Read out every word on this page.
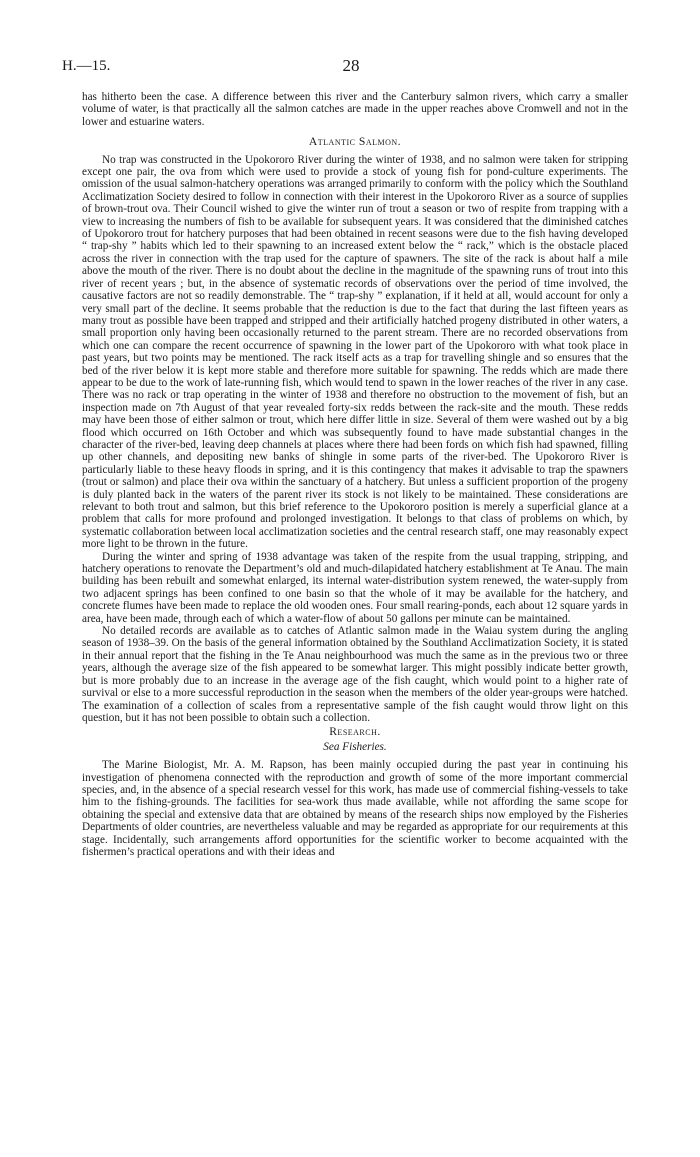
H.—15.	28

has hitherto been the case. A difference between this river and the Canterbury salmon rivers, which carry a smaller volume of water, is that practically all the salmon catches are made in the upper reaches above Cromwell and not in the lower and estuarine waters.

Atlantic Salmon.

No trap was constructed in the Upokororo River during the winter of 1938, and no salmon were taken for stripping except one pair, the ova from which were used to provide a stock of young fish for pond-culture experiments. The omission of the usual salmon-hatchery operations was arranged primarily to conform with the policy which the Southland Acclimatization Society desired to follow in connection with their interest in the Upokororo River as a source of supplies of brown-trout ova. Their Council wished to give the winter run of trout a season or two of respite from trapping with a view to increasing the numbers of fish to be available for subsequent years. It was considered that the diminished catches of Upokororo trout for hatchery purposes that had been obtained in recent seasons were due to the fish having developed “ trap-shy ” habits which led to their spawning to an increased extent below the “ rack,” which is the obstacle placed across the river in connection with the trap used for the capture of spawners. The site of the rack is about half a mile above the mouth of the river. There is no doubt about the decline in the magnitude of the spawning runs of trout into this river of recent years ; but, in the absence of systematic records of observations over the period of time involved, the causative factors are not so readily demonstrable. The “ trap-shy ” explanation, if it held at all, would account for only a very small part of the decline. It seems probable that the reduction is due to the fact that during the last fifteen years as many trout as possible have been trapped and stripped and their artificially hatched progeny distributed in other waters, a small proportion only having been occasionally returned to the parent stream. There are no recorded observations from which one can compare the recent occurrence of spawning in the lower part of the Upokororo with what took place in past years, but two points may be mentioned. The rack itself acts as a trap for travelling shingle and so ensures that the bed of the river below it is kept more stable and therefore more suitable for spawning. The redds which are made there appear to be due to the work of late-running fish, which would tend to spawn in the lower reaches of the river in any case. There was no rack or trap operating in the winter of 1938 and therefore no obstruction to the movement of fish, but an inspection made on 7th August of that year revealed forty-six redds between the rack-site and the mouth. These redds may have been those of either salmon or trout, which here differ little in size. Several of them were washed out by a big flood which occurred on 16th October and which was subsequently found to have made substantial changes in the character of the river-bed, leaving deep channels at places where there had been fords on which fish had spawned, filling up other channels, and depositing new banks of shingle in some parts of the river-bed. The Upokororo River is particularly liable to these heavy floods in spring, and it is this contingency that makes it advisable to trap the spawners (trout or salmon) and place their ova within the sanctuary of a hatchery. But unless a sufficient proportion of the progeny is duly planted back in the waters of the parent river its stock is not likely to be maintained. These considerations are relevant to both trout and salmon, but this brief reference to the Upokororo position is merely a superficial glance at a problem that calls for more profound and prolonged investigation. It belongs to that class of problems on which, by systematic collaboration between local acclimatization societies and the central research staff, one may reasonably expect more light to be thrown in the future.

During the winter and spring of 1938 advantage was taken of the respite from the usual trapping, stripping, and hatchery operations to renovate the Department’s old and much-dilapidated hatchery establishment at Te Anau. The main building has been rebuilt and somewhat enlarged, its internal water-distribution system renewed, the water-supply from two adjacent springs has been confined to one basin so that the whole of it may be available for the hatchery, and concrete flumes have been made to replace the old wooden ones. Four small rearing-ponds, each about 12 square yards in area, have been made, through each of which a water-flow of about 50 gallons per minute can be maintained.

No detailed records are available as to catches of Atlantic salmon made in the Waiau system during the angling season of 1938–39. On the basis of the general information obtained by the Southland Acclimatization Society, it is stated in their annual report that the fishing in the Te Anau neighbourhood was much the same as in the previous two or three years, although the average size of the fish appeared to be somewhat larger. This might possibly indicate better growth, but is more probably due to an increase in the average age of the fish caught, which would point to a higher rate of survival or else to a more successful reproduction in the season when the members of the older year-groups were hatched. The examination of a collection of scales from a representative sample of the fish caught would throw light on this question, but it has not been possible to obtain such a collection.

Research.
Sea Fisheries.

The Marine Biologist, Mr. A. M. Rapson, has been mainly occupied during the past year in continuing his investigation of phenomena connected with the reproduction and growth of some of the more important commercial species, and, in the absence of a special research vessel for this work, has made use of commercial fishing-vessels to take him to the fishing-grounds. The facilities for sea-work thus made available, while not affording the same scope for obtaining the special and extensive data that are obtained by means of the research ships now employed by the Fisheries Departments of older countries, are nevertheless valuable and may be regarded as appropriate for our requirements at this stage. Incidentally, such arrangements afford opportunities for the scientific worker to become acquainted with the fishermen’s practical operations and with their ideas and
